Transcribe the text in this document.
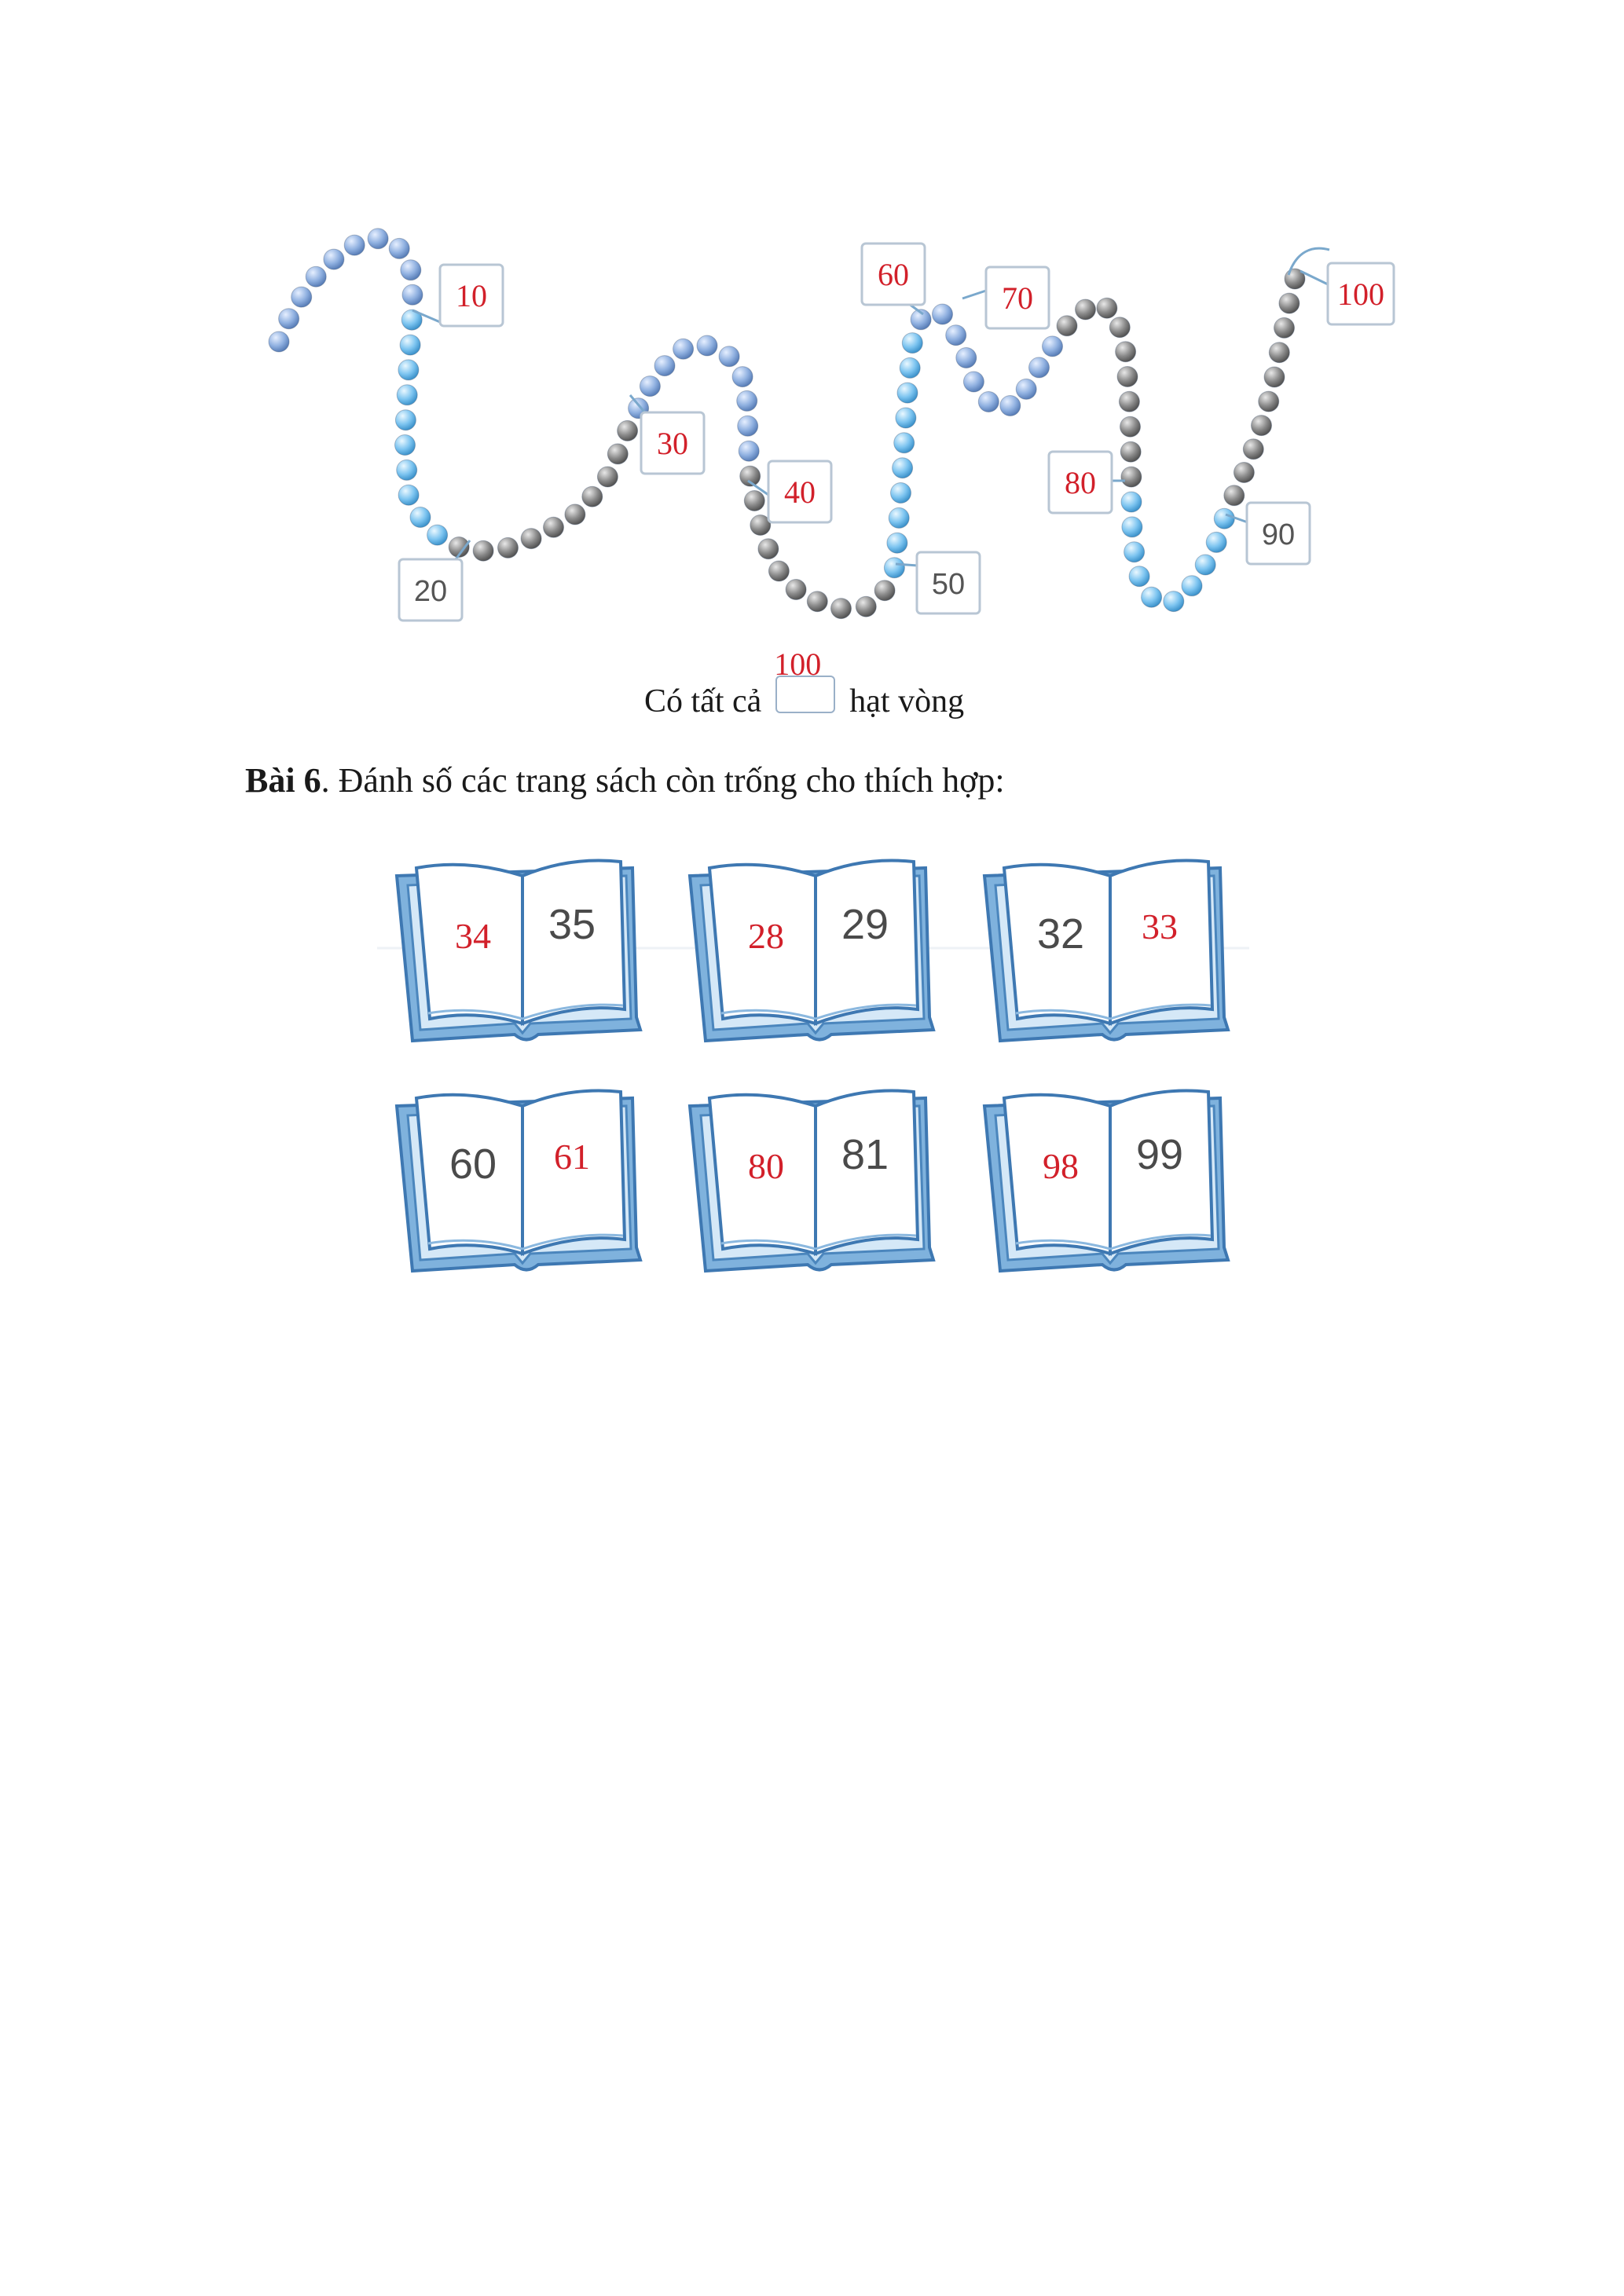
10
20
30
40
50
60
70
80
90
100
Có tất cả
100
hạt vòng
Bài 6. Đánh số các trang sách còn trống cho thích hợp:
34 35	28 29	32 33
60 61	80 81	98 99
